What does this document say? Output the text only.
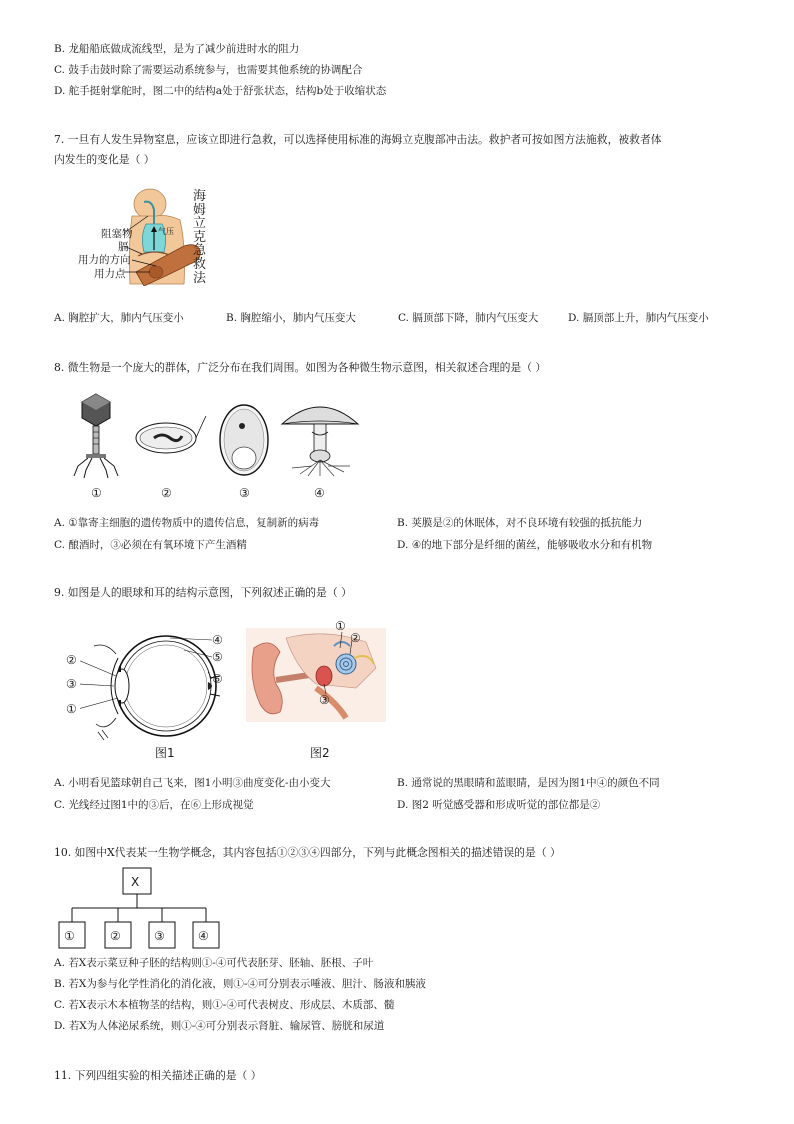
B. 龙船船底做成流线型，是为了减少前进时水的阻力
C. 鼓手击鼓时除了需要运动系统参与，也需要其他系统的协调配合
D. 舵手挺射掌舵时，图二中的结构a处于舒张状态，结构b处于收缩状态
7. 一旦有人发生异物窒息，应该立即进行急救，可以选择使用标准的海姆立克腹部冲击法。救护者可按如图方法施救，被救者体
内发生的变化是（ ）
阻塞物
膈
用力的方向
用力点
气压
海姆立克急救法
A. 胸腔扩大，肺内气压变小	B. 胸腔缩小，肺内气压变大	C. 膈顶部下降，肺内气压变大	D. 膈顶部上升，肺内气压变小
8. 微生物是一个庞大的群体，广泛分布在我们周围。如图为各种微生物示意图，相关叙述合理的是（ ）
①	②	③	④
A. ①靠寄主细胞的遗传物质中的遗传信息，复制新的病毒	B. 荚膜是②的休眠体，对不良环境有较强的抵抗能力
C. 酿酒时，③必须在有氧环境下产生酒精	D. ④的地下部分是纤细的菌丝，能够吸收水分和有机物
9. 如图是人的眼球和耳的结构示意图，下列叙述正确的是（ ）
④
⑤
②
③	⑥
①
图1
①
②
③
图2
A. 小明看见篮球朝自己飞来，图1小明③曲度变化-由小变大	B. 通常说的黑眼睛和蓝眼睛，是因为图1中④的颜色不同
C. 光线经过图1中的③后，在⑥上形成视觉	D. 图2 听觉感受器和形成听觉的部位都是②
10. 如图中X代表某一生物学概念，其内容包括①②③④四部分，下列与此概念图相关的描述错误的是（ ）
X
①	②	③	④
A. 若X表示菜豆种子胚的结构则①-④可代表胚芽、胚轴、胚根、子叶
B. 若X为参与化学性消化的消化液，则①-④可分别表示唾液、胆汁、肠液和胰液
C. 若X表示木本植物茎的结构，则①-④可代表树皮、形成层、木质部、髓
D. 若X为人体泌尿系统，则①-④可分别表示肾脏、输尿管、膀胱和尿道
11. 下列四组实验的相关描述正确的是（ ）
